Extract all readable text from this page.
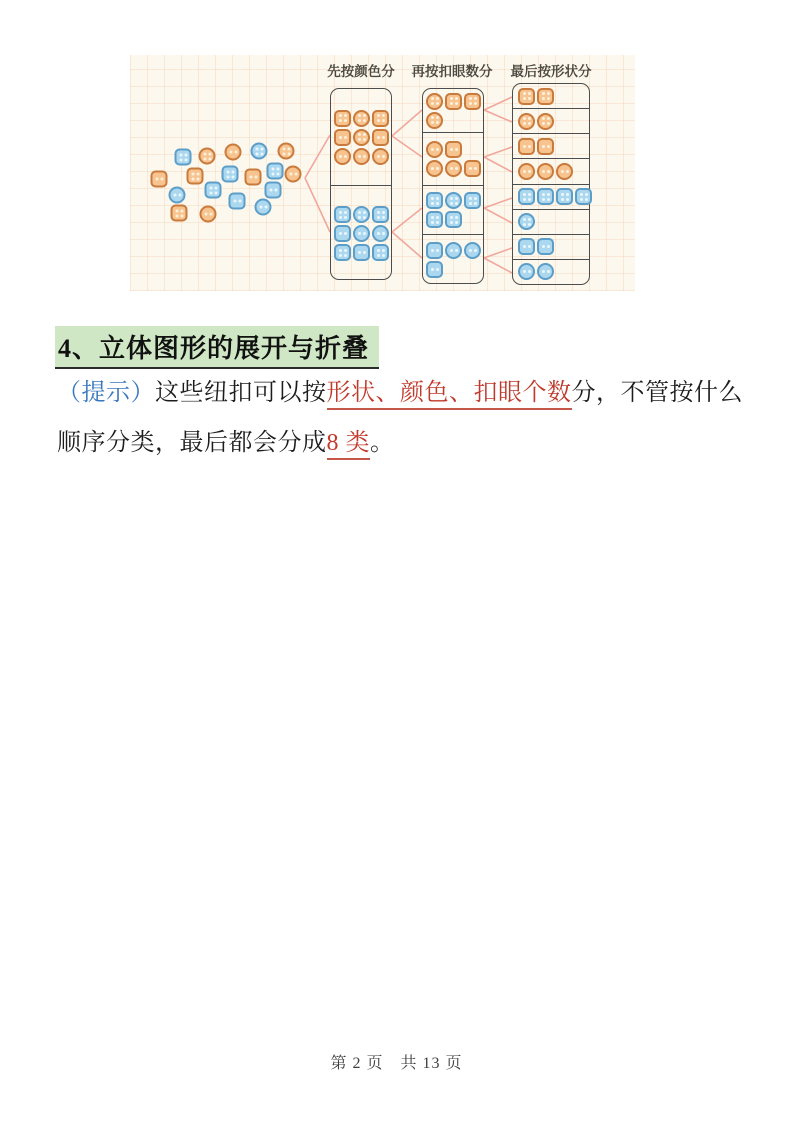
先按颜色分 再按扣眼数分 最后按形状分
4、立体图形的展开与折叠
（提示）这些纽扣可以按形状、颜色、扣眼个数分，不管按什么
顺序分类，最后都会分成8 类。
第 2 页　共 13 页
